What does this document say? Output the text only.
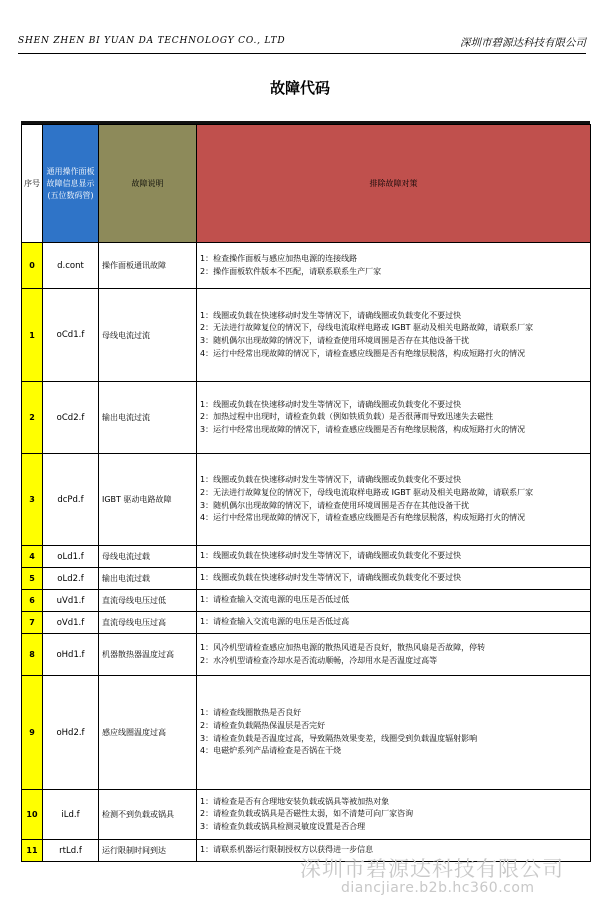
SHEN ZHEN BI YUAN DA TECHNOLOGY CO., LTD	深圳市碧源达科技有限公司
故障代码
序号	通用操作面板故障信息显示(五位数码管)	故障说明	排除故障对策
0	d.cont	操作面板通讯故障	1：检查操作面板与感应加热电源的连接线路
2：操作面板软件版本不匹配，请联系联系生产厂家

1	oCd1.f	母线电流过流	1：线圈或负载在快速移动时发生等情况下，请确线圈或负载变化不要过快
2：无法进行故障复位的情况下，母线电流取样电路或 IGBT 驱动及相关电路故障，请联系厂家
3：随机偶尔出现故障的情况下，请检查使用环境周围是否存在其他设备干扰
4：运行中经常出现故障的情况下，请检查感应线圈是否有绝缘层脱落，构成短路打火的情况

2	oCd2.f	输出电流过流	1：线圈或负载在快速移动时发生等情况下，请确线圈或负载变化不要过快
2：加热过程中出现时，请检查负载（例如铁质负载）是否很薄而导致迅速失去磁性
3：运行中经常出现故障的情况下，请检查感应线圈是否有绝缘层脱落，构成短路打火的情况

3	dcPd.f	IGBT 驱动电路故障	1：线圈或负载在快速移动时发生等情况下，请确线圈或负载变化不要过快
2：无法进行故障复位的情况下，母线电流取样电路或 IGBT 驱动及相关电路故障，请联系厂家
3：随机偶尔出现故障的情况下，请检查使用环境周围是否存在其他设备干扰
4：运行中经常出现故障的情况下，请检查感应线圈是否有绝缘层脱落，构成短路打火的情况

4	oLd1.f	母线电流过载	1：线圈或负载在快速移动时发生等情况下，请确线圈或负载变化不要过快

5	oLd2.f	输出电流过载	1：线圈或负载在快速移动时发生等情况下，请确线圈或负载变化不要过快

6	uVd1.f	直流母线电压过低	1：请检查输入交流电源的电压是否低过低

7	oVd1.f	直流母线电压过高	1：请检查输入交流电源的电压是否低过高

8	oHd1.f	机器散热器温度过高	1：风冷机型请检查感应加热电源的散热风道是否良好，散热风扇是否故障，停转
2：水冷机型请检查冷却水是否流动顺畅，冷却用水是否温度过高等

9	oHd2.f	感应线圈温度过高	1：请检查线圈散热是否良好
2：请检查负载隔热保温层是否完好
3：请检查负载是否温度过高，导致隔热效果变差，线圈受到负载温度辐射影响
4：电磁炉系列产品请检查是否锅在干烧

10	iLd.f	检测不到负载或锅具	1：请检查是否有合理地安装负载或锅具等被加热对象
2：请检查负载或锅具是否磁性太弱，如不清楚可向厂家咨询
3：请检查负载或锅具检测灵敏度设置是否合理

11	rtLd.f	运行限制时间到达	1：请联系机器运行限制授权方以获得进一步信息
深圳市碧源达科技有限公司
diancjiare.b2b.hc360.com
